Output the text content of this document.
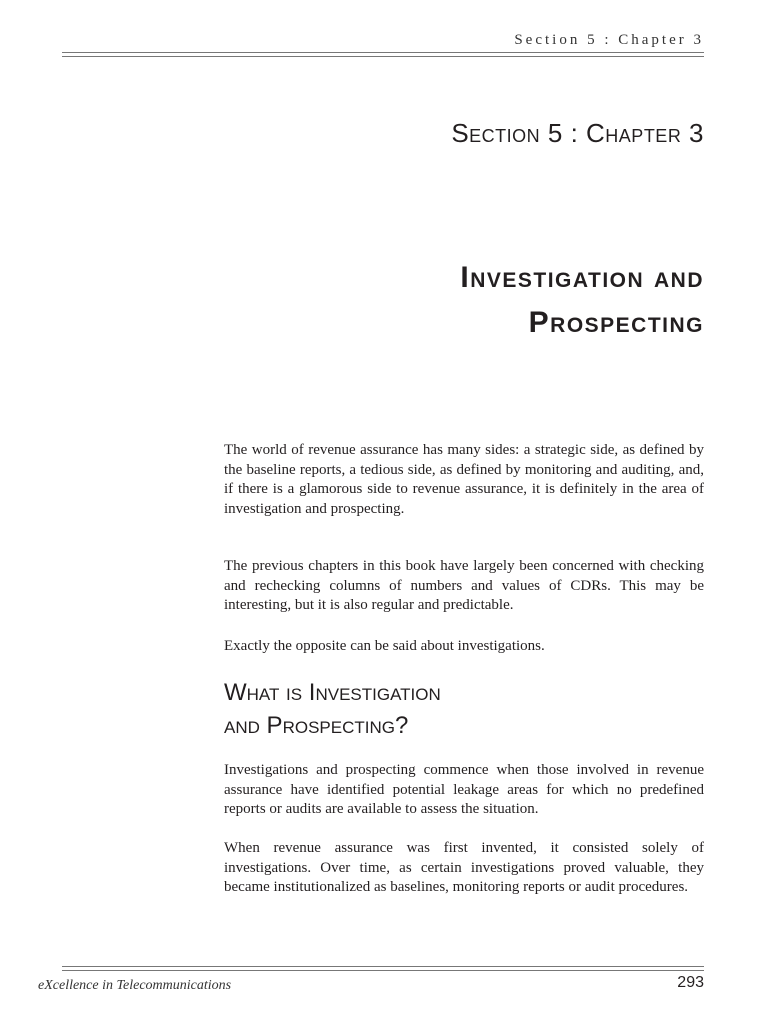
Section 5 : Chapter 3
Section 5 : Chapter 3
Investigation and
Prospecting

The world of revenue assurance has many sides: a strategic side, as defined by the baseline reports, a tedious side, as defined by monitoring and auditing, and, if there is a glamorous side to revenue assurance, it is definitely in the area of investigation and prospecting.

The previous chapters in this book have largely been concerned with checking and rechecking columns of numbers and values of CDRs. This may be interesting, but it is also regular and predictable.

Exactly the opposite can be said about investigations.

What is Investigation
and Prospecting?

Investigations and prospecting commence when those involved in revenue assurance have identified potential leakage areas for which no predefined reports or audits are available to assess the situation.

When revenue assurance was first invented, it consisted solely of investigations. Over time, as certain investigations proved valuable, they became institutionalized as baselines, monitoring reports or audit procedures.

eXcellence in Telecommunications	293
